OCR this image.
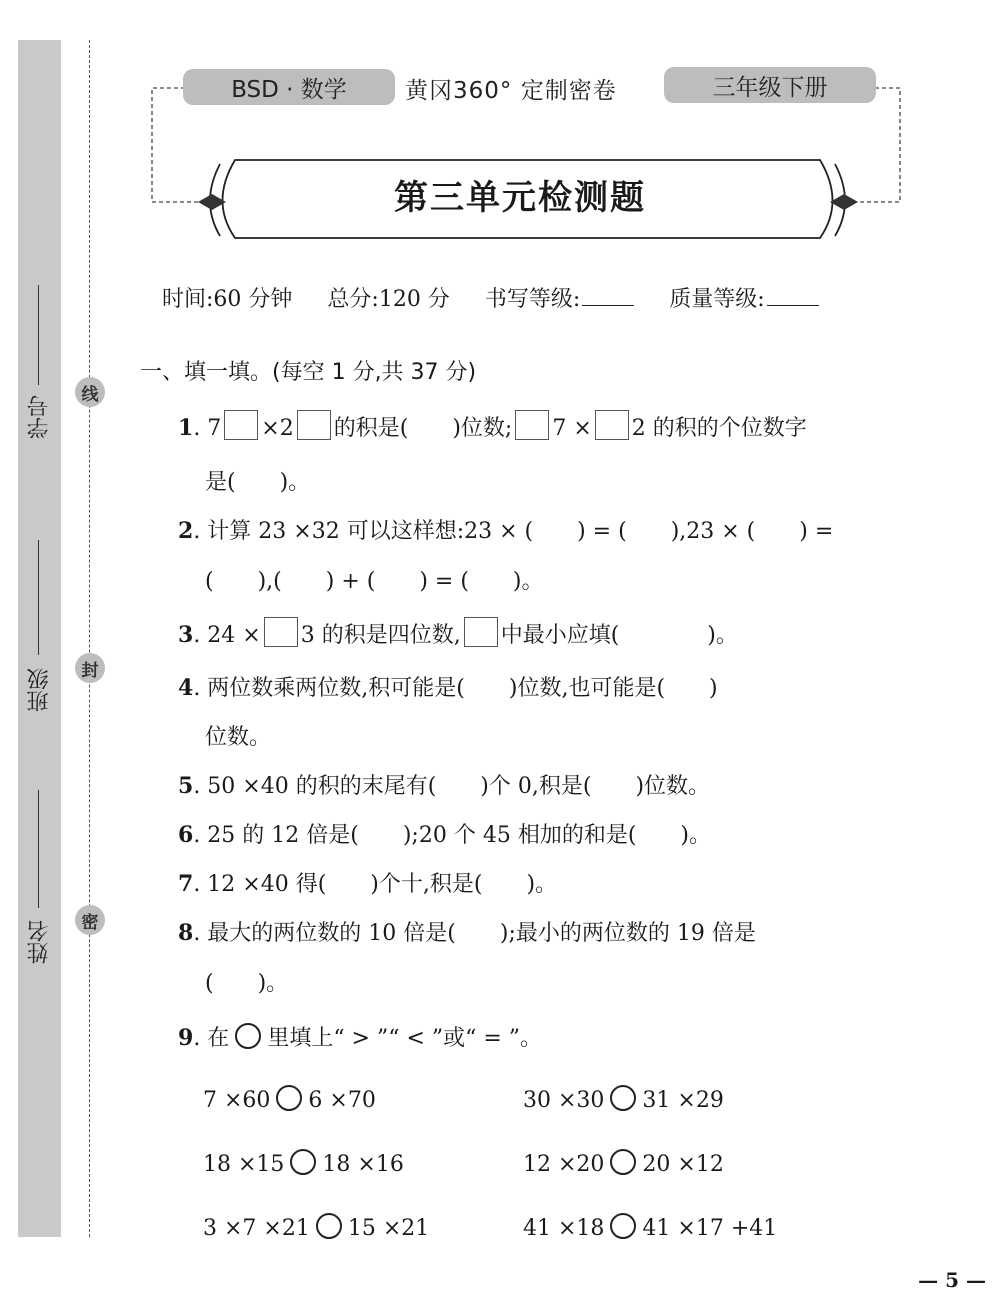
学号
班级
姓名
线
封
密
BSD · 数学	黄冈360° 定制密卷	三年级下册
第三单元检测题
时间:60 分钟 总分:120 分 书写等级:	质量等级:
一、填一填。(每空 1 分,共 37 分)
1. 7 ×2 的积是(　　)位数; 7 × 2 的积的个位数字
是(　　)。
2. 计算 23 ×32 可以这样想:23 × (　　) = (　　),23 × (　　) =
(　　),(　　) + (　　) = (　　)。
3. 24 × 3 的积是四位数, 中最小应填(　　　　)。
4. 两位数乘两位数,积可能是(　　)位数,也可能是(　　)
位数。
5. 50 ×40 的积的末尾有(　　)个 0,积是(　　)位数。
6. 25 的 12 倍是(　　);20 个 45 相加的和是(　　)。
7. 12 ×40 得(　　)个十,积是(　　)。
8. 最大的两位数的 10 倍是(　　);最小的两位数的 19 倍是
(　　)。
9. 在 里填上“ > ”“ < ”或“ = ”。
7 ×60 6 ×70	30 ×30 31 ×29
18 ×15 18 ×16	12 ×20 20 ×12
3 ×7 ×21 15 ×21	41 ×18 41 ×17 +41
— 5 —
